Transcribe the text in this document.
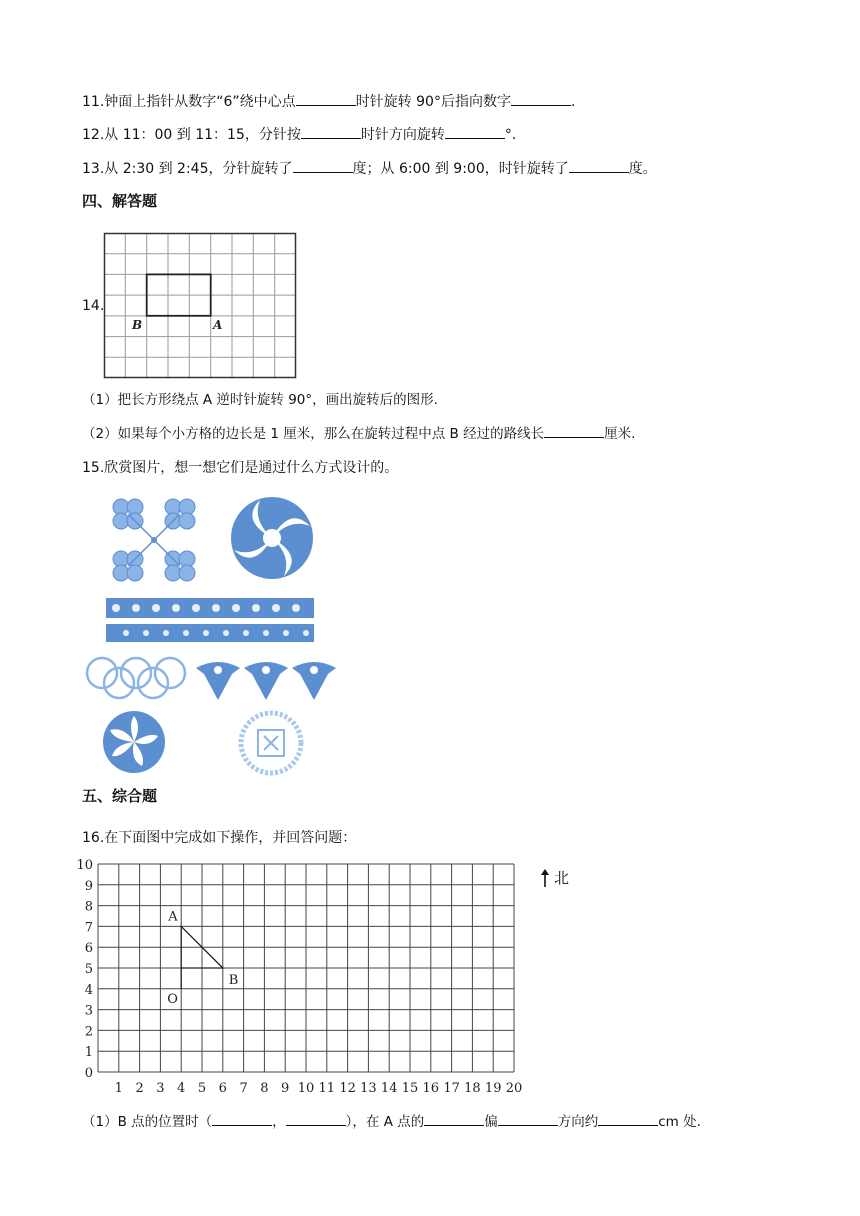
11.钟面上指针从数字“6”绕中心点	时针旋转 90°后指向数字	.
12.从 11：00 到 11：15，分针按	时针方向旋转	°.
13.从 2:30 到 2:45，分针旋转了	度；从 6:00 到 9:00，时针旋转了	度。
四、解答题
14.
B	A
（1）把长方形绕点 A 逆时针旋转 90°，画出旋转后的图形.
（2）如果每个小方格的边长是 1 厘米，那么在旋转过程中点 B 经过的路线长	厘米.
15.欣赏图片，想一想它们是通过什么方式设计的。
五、综合题
16.在下面图中完成如下操作，并回答问题：
0
1
2
3
4
5
6
7
8
9
10
1 2 3 4 5 6 7 8 9 10 11 12 13 14 15 16 17 18 19 20
A
B
O
北
（1）B 点的位置时（	，	），在 A 点的	偏	方向约	cm 处.
